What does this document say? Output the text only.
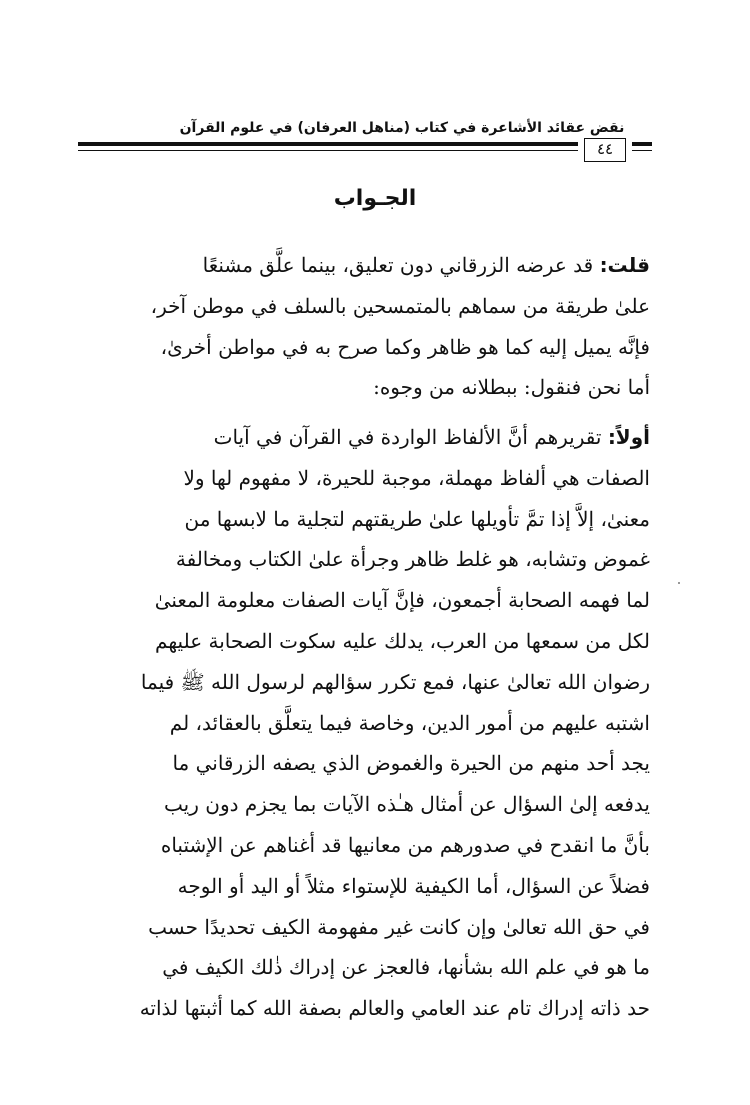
نقض عقائد الأشاعرة في كتاب (مناهل العرفان) في علوم القرآن
٤٤
الجـواب
قلت: قد عرضه الزرقاني دون تعليق، بينما علَّق مشنعًا
علىٰ طريقة من سماهم بالمتمسحين بالسلف في موطن آخر،
فإنَّه يميل إليه كما هو ظاهر وكما صرح به في مواطن أخرىٰ،
أما نحن فنقول: ببطلانه من وجوه:
أولاً: تقريرهم أنَّ الألفاظ الواردة في القرآن في آيات
الصفات هي ألفاظ مهملة، موجبة للحيرة، لا مفهوم لها ولا
معنىٰ، إلاَّ إذا تمَّ تأويلها علىٰ طريقتهم لتجلية ما لابسها من
غموض وتشابه، هو غلط ظاهر وجرأة علىٰ الكتاب ومخالفة
لما فهمه الصحابة أجمعون، فإنَّ آيات الصفات معلومة المعنىٰ
لكل من سمعها من العرب، يدلك عليه سكوت الصحابة عليهم
رضوان الله تعالىٰ عنها، فمع تكرر سؤالهم لرسول الله ﷺ فيما
اشتبه عليهم من أمور الدين، وخاصة فيما يتعلَّق بالعقائد، لم
يجد أحد منهم من الحيرة والغموض الذي يصفه الزرقاني ما
يدفعه إلىٰ السؤال عن أمثال هـٰذه الآيات بما يجزم دون ريب
بأنَّ ما انقدح في صدورهم من معانيها قد أغناهم عن الإشتباه
فضلاً عن السؤال، أما الكيفية للإستواء مثلاً أو اليد أو الوجه
في حق الله تعالىٰ وإن كانت غير مفهومة الكيف تحديدًا حسب
ما هو في علم الله بشأنها، فالعجز عن إدراك ذٰلك الكيف في
حد ذاته إدراك تام عند العامي والعالم بصفة الله كما أثبتها لذاته
